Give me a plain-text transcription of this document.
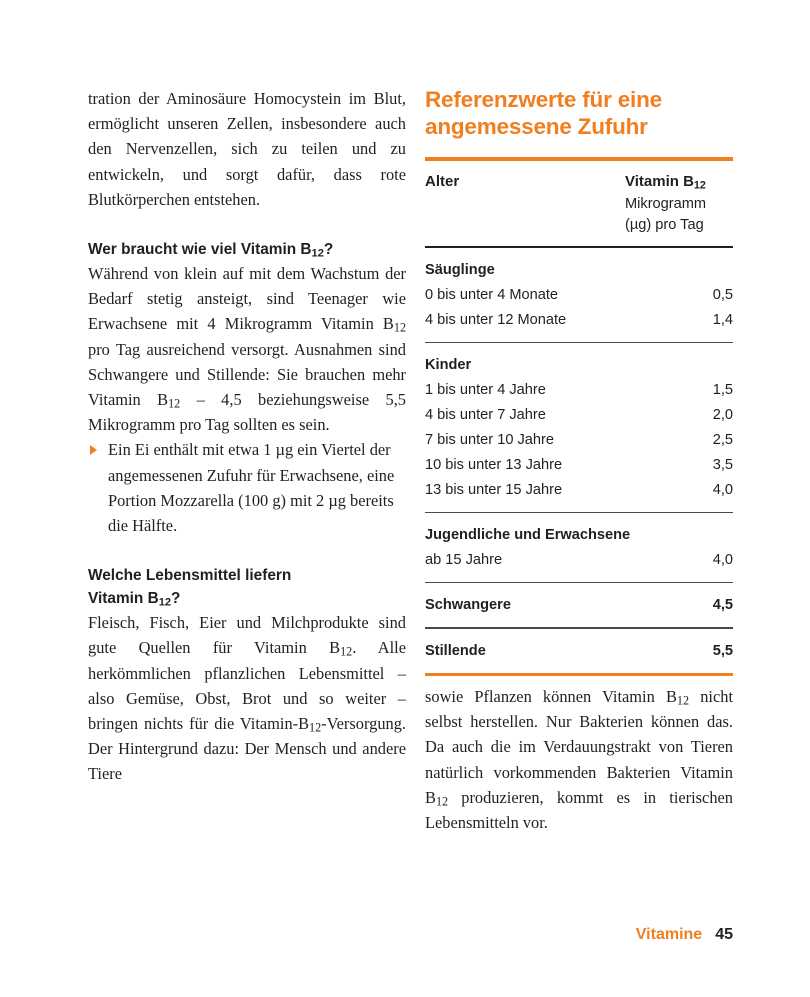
tration der Aminosäure Homocystein im Blut, ermöglicht unseren Zellen, insbesondere auch den Nervenzellen, sich zu teilen und zu entwickeln, und sorgt dafür, dass rote Blutkörperchen entstehen.

Wer braucht wie viel Vitamin $B_{12}$?

Während von klein auf mit dem Wachstum der Bedarf stetig ansteigt, sind Teenager wie Erwachsene mit 4 Mikrogramm Vitamin $B_{12}$ pro Tag ausreichend versorgt. Ausnahmen sind Schwangere und Stillende: Sie brauchen mehr Vitamin $B_{12} - 4,5$ beziehungsweise 5,5 Mikrogramm pro Tag sollten es sein.

Ein Ei enthält mit etwa 1 µg ein Viertel der angemessenen Zufuhr für Erwachsene, eine Portion Mozzarella (100 g) mit 2 µg bereits die Hälfte.

Welche Lebensmittel liefern

Vitamin $B_{12}$?

Fleisch, Fisch, Eier und Milchprodukte sind gute Quellen für Vitamin $B_{12}$. Alle herkömmlichen pflanzlichen Lebensmittel – also Gemüse, Obst, Brot und so weiter – bringen nichts für die Vitamin-$B_{12}$-Versorgung. Der Hintergrund dazu: Der Mensch und andere Tiere

Referenzwerte für eine

angemessene Zufuhr

Alter	Vitamin $B_{12}$
Mikrogramm
(µg) pro Tag
Säuglinge	
0 bis unter 4 Monate	0,5
4 bis unter 12 Monate	1,4
Kinder	
1 bis unter 4 Jahre	1,5
4 bis unter 7 Jahre	2,0
7 bis unter 10 Jahre	2,5
10 bis unter 13 Jahre	3,5
13 bis unter 15 Jahre	4,0
Jugendliche und Erwachsene	
ab 15 Jahre	4,0
Schwangere	4,5
Stillende	5,5

sowie Pflanzen können Vitamin $B_{12}$ nicht selbst herstellen. Nur Bakterien können das. Da auch die im Verdauungstrakt von Tieren natürlich vorkommenden Bakterien Vitamin $B_{12}$ produzieren, kommt es in tierischen Lebensmitteln vor.

Vitamine 45
